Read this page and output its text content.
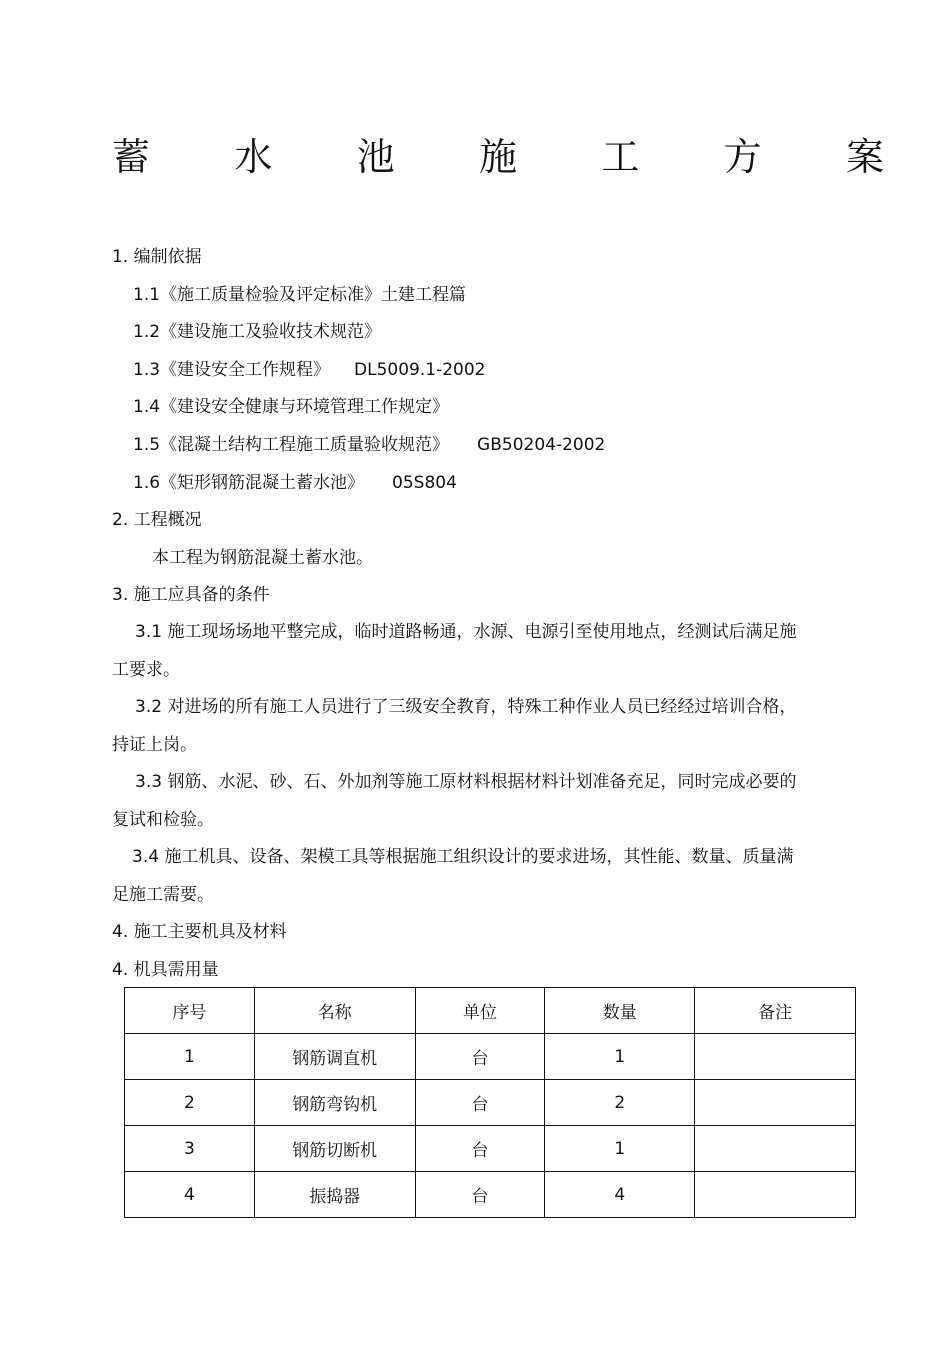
蓄 水 池 施 工 方 案
1. 编制依据
1.1《施工质量检验及评定标准》土建工程篇
1.2《建设施工及验收技术规范》
1.3《建设安全工作规程》 DL5009.1-2002
1.4《建设安全健康与环境管理工作规定》
1.5《混凝土结构工程施工质量验收规范》 GB50204-2002
1.6《矩形钢筋混凝土蓄水池》 05S804
2. 工程概况
本工程为钢筋混凝土蓄水池。
3. 施工应具备的条件
3.1 施工现场场地平整完成，临时道路畅通，水源、电源引至使用地点，经测试后满足施
工要求。
3.2 对进场的所有施工人员进行了三级安全教育，特殊工种作业人员已经经过培训合格，
持证上岗。
3.3 钢筋、水泥、砂、石、外加剂等施工原材料根据材料计划准备充足，同时完成必要的
复试和检验。
3.4 施工机具、设备、架模工具等根据施工组织设计的要求进场，其性能、数量、质量满
足施工需要。
4. 施工主要机具及材料
4. 机具需用量
序号	名称	单位	数量	备注
1	钢筋调直机	台	1	
2	钢筋弯钩机	台	2	
3	钢筋切断机	台	1	
4	振捣器	台	4	
